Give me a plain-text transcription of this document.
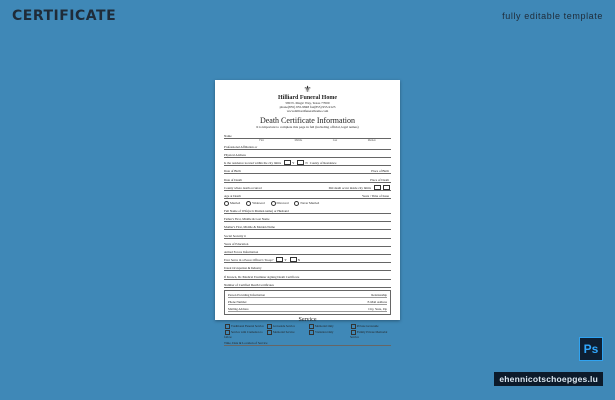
CERTIFICATE	fully editable template
⚜
Hilliard Funeral Home
580 N. Magic Way, Texas 77000
phone(855) 955-9848 fax(855) 955-9123
www.hilliardfuneralhome.com
Death Certificate Information
It is important to complete this page in full (including official, legal names)
Name
First	Middle	Last	Maiden
Professional Affiliation or
Physical Address
Is the residence located within the city limits	Y	N County of Residence
Date of Birth	Place of Birth
Date of Death	Place of Death
County where death occurred	Did death occur inside city limits
Age at Death	Years / Time of Issue
Married	Widowed	Divorced	Never Married
Full Name of Wife(w/n Maiden name) or Husband
Father's First, Middle & Last Name
Mother's First, Middle & Maiden Name
Social Security #
Years of Education
Armed Forces Information
Ever Serve in a Peace Officer's Troop?	Y	N
Usual Occupation & Industry
If Known, Dr./Medical Examiner signing Death Certificate
Number of Certified Death Certificates
Person Providing Information	Relationship
Phone Number	E-Mail Address
Mailing Address	City, State, Zip
Service
Traditional Funeral Service	Graveside Service	Memorial Only	Private Graveside
Service with Cremation to follow
Memorial Service	Visitation Only	Family Private Memorial Service
Time, Date & Location of Service	Ps
ehennicotschoepges.lu
